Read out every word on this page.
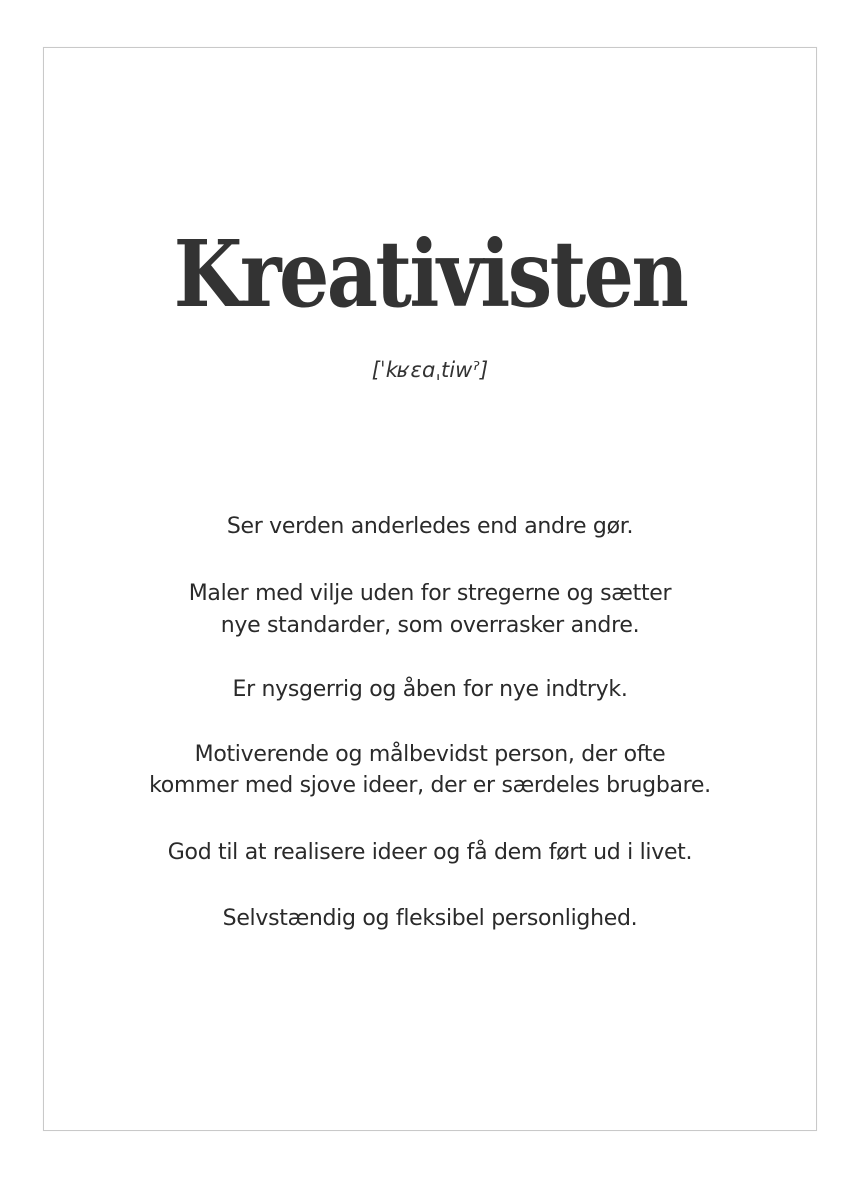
Kreativisten
[ˈkʁɛɑˌtiwˀ]
Ser verden anderledes end andre gør.
Maler med vilje uden for stregerne og sætter
nye standarder, som overrasker andre.
Er nysgerrig og åben for nye indtryk.
Motiverende og målbevidst person, der ofte
kommer med sjove ideer, der er særdeles brugbare.
God til at realisere ideer og få dem ført ud i livet.
Selvstændig og fleksibel personlighed.
